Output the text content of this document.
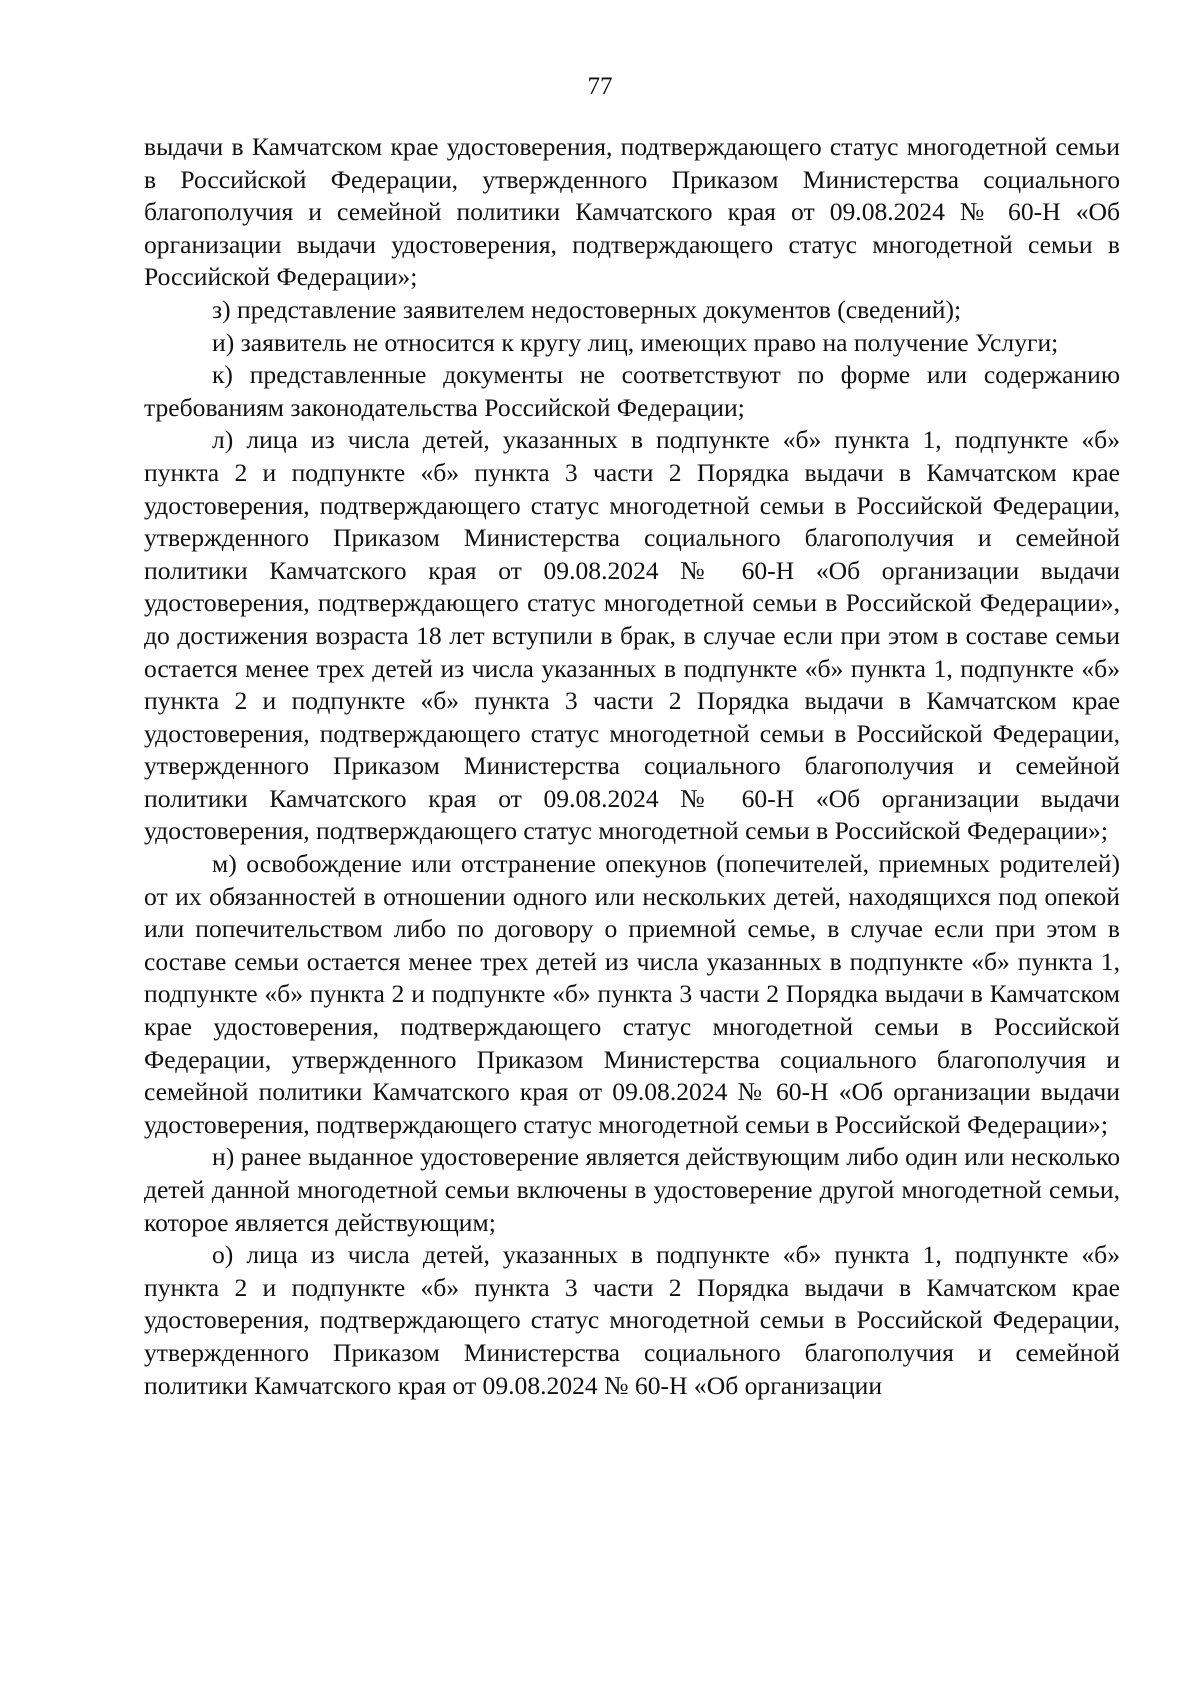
77

выдачи в Камчатском крае удостоверения, подтверждающего статус многодетной семьи в Российской Федерации, утвержденного Приказом Министерства социального благополучия и семейной политики Камчатского края от 09.08.2024 № 60-Н «Об организации выдачи удостоверения, подтверждающего статус многодетной семьи в Российской Федерации»;

з) представление заявителем недостоверных документов (сведений);

и) заявитель не относится к кругу лиц, имеющих право на получение Услуги;

к) представленные документы не соответствуют по форме или содержанию требованиям законодательства Российской Федерации;

л) лица из числа детей, указанных в подпункте «б» пункта 1, подпункте «б» пункта 2 и подпункте «б» пункта 3 части 2 Порядка выдачи в Камчатском крае удостоверения, подтверждающего статус многодетной семьи в Российской Федерации, утвержденного Приказом Министерства социального благополучия и семейной политики Камчатского края от 09.08.2024 № 60-Н «Об организации выдачи удостоверения, подтверждающего статус многодетной семьи в Российской Федерации», до достижения возраста 18 лет вступили в брак, в случае если при этом в составе семьи остается менее трех детей из числа указанных в подпункте «б» пункта 1, подпункте «б» пункта 2 и подпункте «б» пункта 3 части 2 Порядка выдачи в Камчатском крае удостоверения, подтверждающего статус многодетной семьи в Российской Федерации, утвержденного Приказом Министерства социального благополучия и семейной политики Камчатского края от 09.08.2024 № 60-Н «Об организации выдачи удостоверения, подтверждающего статус многодетной семьи в Российской Федерации»;

м) освобождение или отстранение опекунов (попечителей, приемных родителей) от их обязанностей в отношении одного или нескольких детей, находящихся под опекой или попечительством либо по договору о приемной семье, в случае если при этом в составе семьи остается менее трех детей из числа указанных в подпункте «б» пункта 1, подпункте «б» пункта 2 и подпункте «б» пункта 3 части 2 Порядка выдачи в Камчатском крае удостоверения, подтверждающего статус многодетной семьи в Российской Федерации, утвержденного Приказом Министерства социального благополучия и семейной политики Камчатского края от 09.08.2024 № 60-Н «Об организации выдачи удостоверения, подтверждающего статус многодетной семьи в Российской Федерации»;

н) ранее выданное удостоверение является действующим либо один или несколько детей данной многодетной семьи включены в удостоверение другой многодетной семьи, которое является действующим;

о) лица из числа детей, указанных в подпункте «б» пункта 1, подпункте «б» пункта 2 и подпункте «б» пункта 3 части 2 Порядка выдачи в Камчатском крае удостоверения, подтверждающего статус многодетной семьи в Российской Федерации, утвержденного Приказом Министерства социального благополучия и семейной политики Камчатского края от 09.08.2024 № 60-Н «Об организации
